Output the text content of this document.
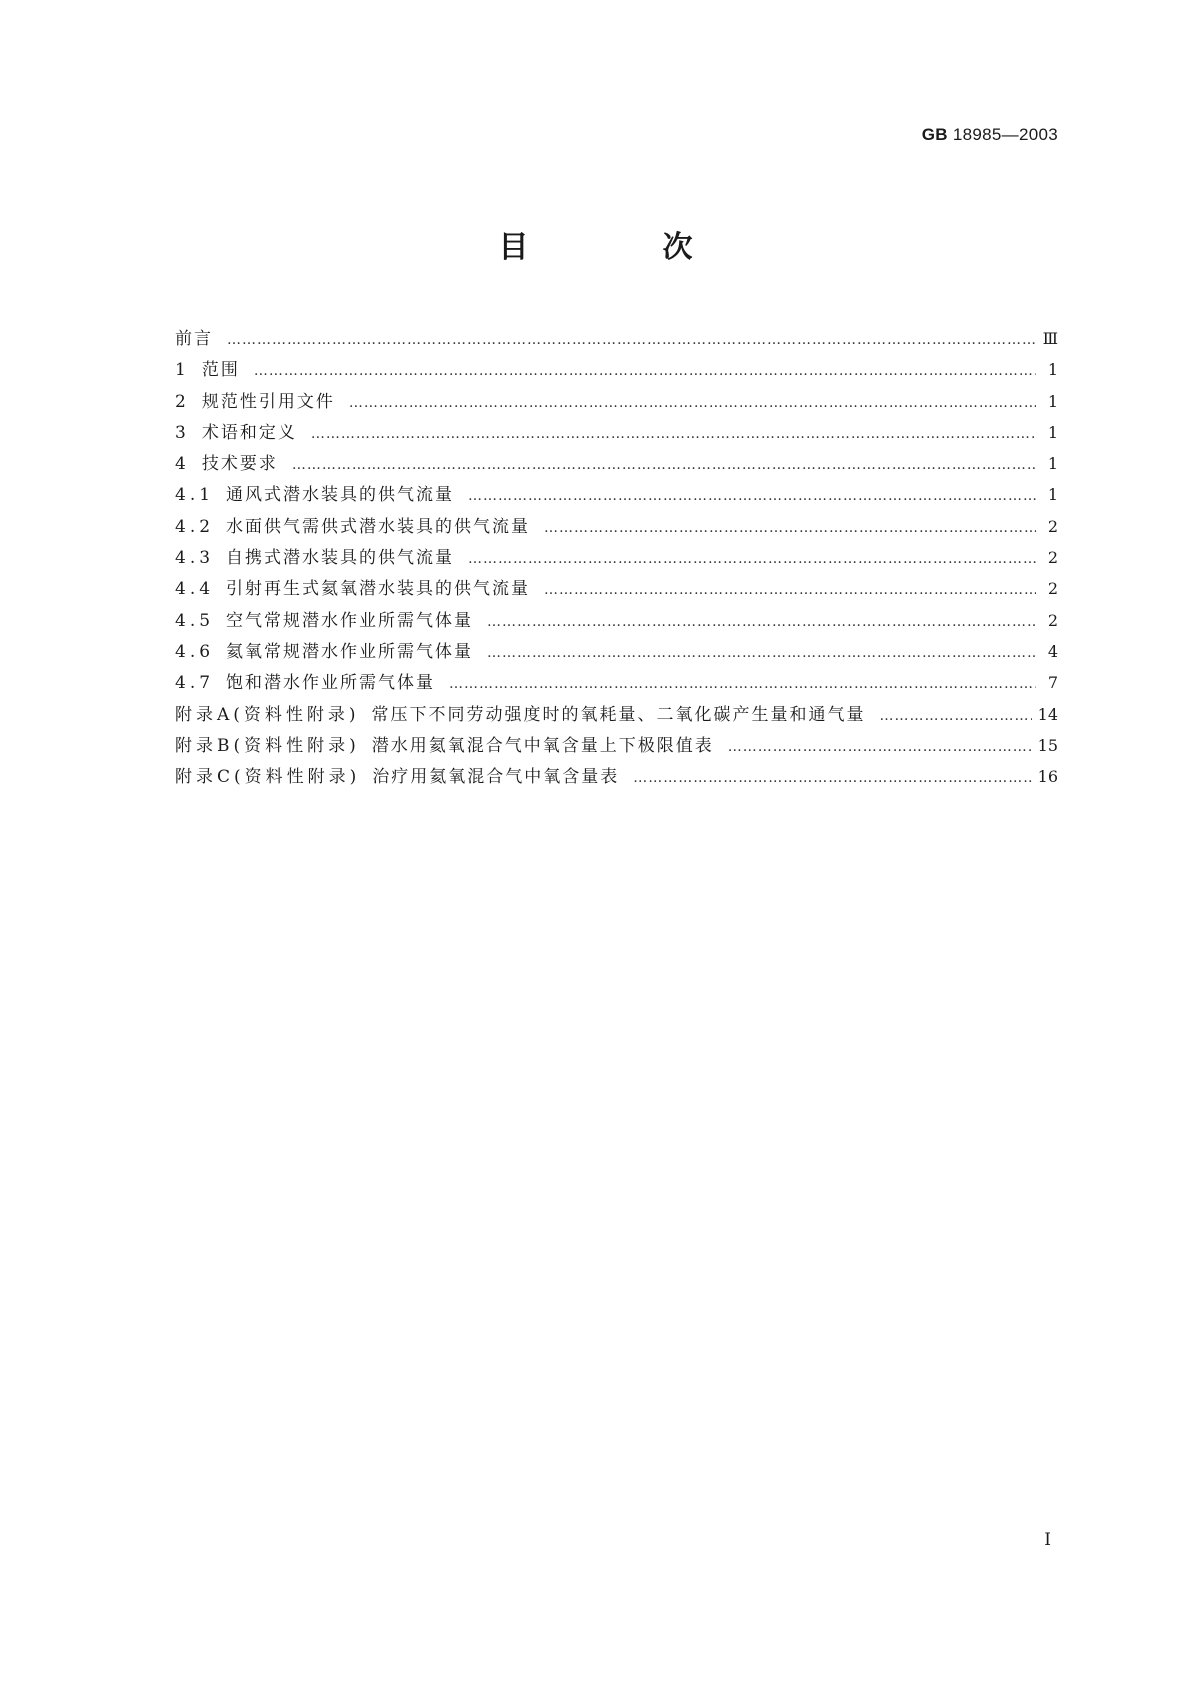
GB 18985—2003
目　次
前言 ……………………………………………………………………………………………………………………………………………………………………………………………………	Ⅲ
1 范围 ……………………………………………………………………………………………………………………………………………………………………………………………………	1
2 规范性引用文件 ……………………………………………………………………………………………………………………………………………………………………………………………………	1
3 术语和定义 ……………………………………………………………………………………………………………………………………………………………………………………………………	1
4 技术要求 ……………………………………………………………………………………………………………………………………………………………………………………………………	1
4.1 通风式潜水装具的供气流量 ……………………………………………………………………………………………………………………………………………………………………………………………………	1
4.2 水面供气需供式潜水装具的供气流量 ……………………………………………………………………………………………………………………………………………………………………………………………………	2
4.3 自携式潜水装具的供气流量 ……………………………………………………………………………………………………………………………………………………………………………………………………	2
4.4 引射再生式氦氧潜水装具的供气流量 ……………………………………………………………………………………………………………………………………………………………………………………………………	2
4.5 空气常规潜水作业所需气体量 ……………………………………………………………………………………………………………………………………………………………………………………………………	2
4.6 氦氧常规潜水作业所需气体量 ……………………………………………………………………………………………………………………………………………………………………………………………………	4
4.7 饱和潜水作业所需气体量 ……………………………………………………………………………………………………………………………………………………………………………………………………	7
附录A(资料性附录) 常压下不同劳动强度时的氧耗量、二氧化碳产生量和通气量 ……………………………………………………………………………………………………………………………………………………………………………………………………	14
附录B(资料性附录) 潜水用氦氧混合气中氧含量上下极限值表 ……………………………………………………………………………………………………………………………………………………………………………………………………	15
附录C(资料性附录) 治疗用氦氧混合气中氧含量表 ……………………………………………………………………………………………………………………………………………………………………………………………………	16
I
